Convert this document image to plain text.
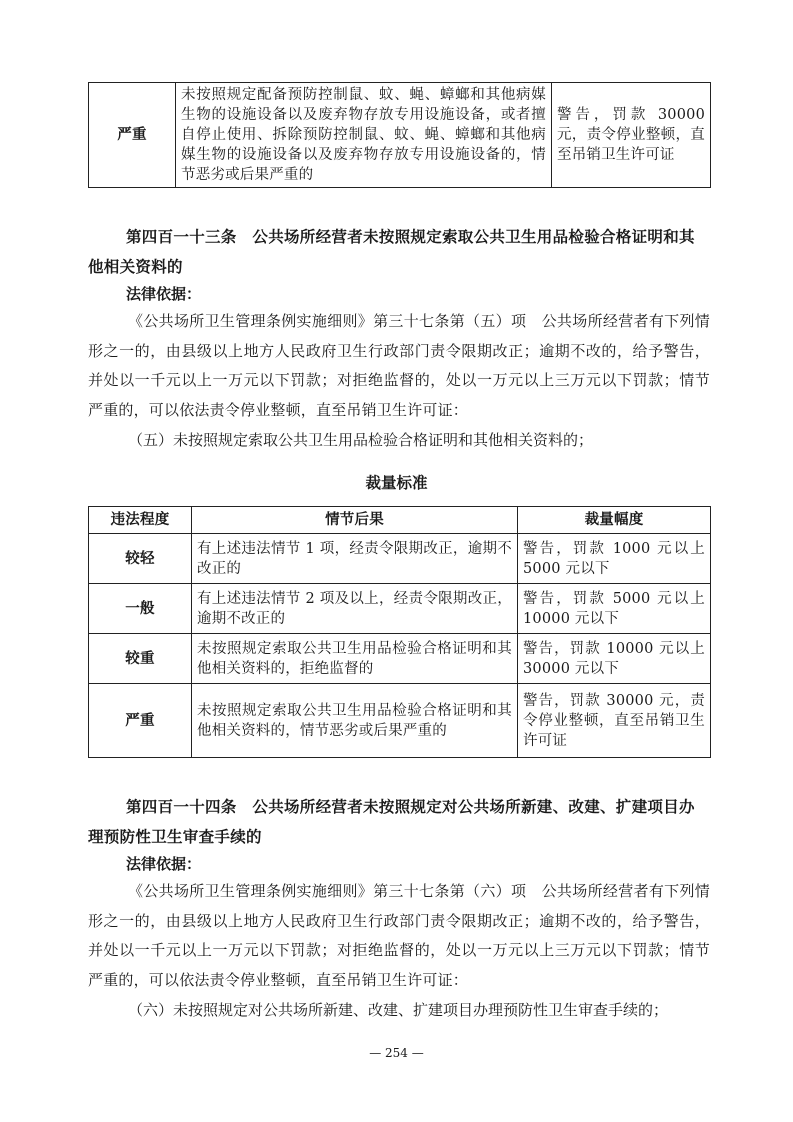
严重	未按照规定配备预防控制鼠、蚊、蝇、蟑螂和其他病媒生物的设施设备以及废弃物存放专用设施设备，或者擅自停止使用、拆除预防控制鼠、蚊、蝇、蟑螂和其他病媒生物的设施设备以及废弃物存放专用设施设备的，情节恶劣或后果严重的	警告，罚款 30000 元，责令停业整顿，直至吊销卫生许可证
第四百一十三条　公共场所经营者未按照规定索取公共卫生用品检验合格证明和其他相关资料的
法律依据：
《公共场所卫生管理条例实施细则》第三十七条第（五）项　公共场所经营者有下列情形之一的，由县级以上地方人民政府卫生行政部门责令限期改正；逾期不改的，给予警告，并处以一千元以上一万元以下罚款；对拒绝监督的，处以一万元以上三万元以下罚款；情节严重的，可以依法责令停业整顿，直至吊销卫生许可证：
（五）未按照规定索取公共卫生用品检验合格证明和其他相关资料的；
裁量标准
违法程度	情节后果	裁量幅度
较轻	有上述违法情节 1 项，经责令限期改正，逾期不改正的	警告，罚款 1000 元以上 5000 元以下
一般	有上述违法情节 2 项及以上，经责令限期改正，逾期不改正的	警告，罚款 5000 元以上 10000 元以下
较重	未按照规定索取公共卫生用品检验合格证明和其他相关资料的，拒绝监督的	警告，罚款 10000 元以上 30000 元以下
严重	未按照规定索取公共卫生用品检验合格证明和其他相关资料的，情节恶劣或后果严重的	警告，罚款 30000 元，责令停业整顿，直至吊销卫生许可证
第四百一十四条　公共场所经营者未按照规定对公共场所新建、改建、扩建项目办理预防性卫生审查手续的
法律依据：
《公共场所卫生管理条例实施细则》第三十七条第（六）项　公共场所经营者有下列情形之一的，由县级以上地方人民政府卫生行政部门责令限期改正；逾期不改的，给予警告，并处以一千元以上一万元以下罚款；对拒绝监督的，处以一万元以上三万元以下罚款；情节严重的，可以依法责令停业整顿，直至吊销卫生许可证：
（六）未按照规定对公共场所新建、改建、扩建项目办理预防性卫生审查手续的；
— 254 —
